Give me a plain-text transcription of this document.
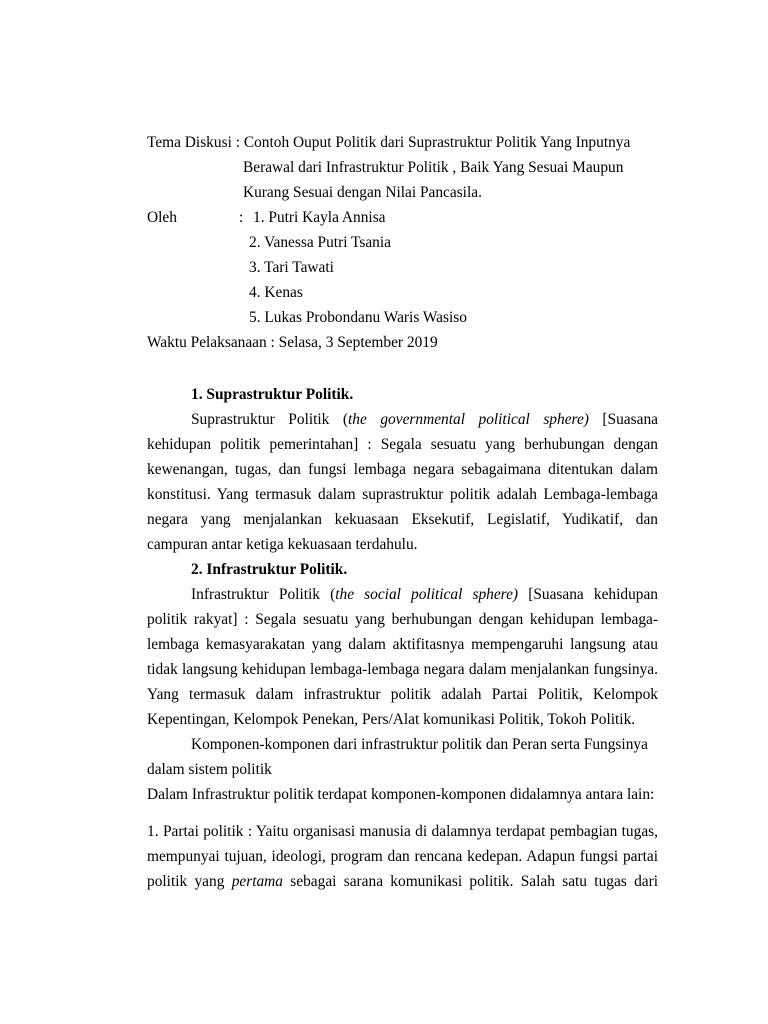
Tema Diskusi : Contoh Ouput Politik dari Suprastruktur Politik Yang Inputnya
Berawal dari Infrastruktur Politik , Baik Yang Sesuai Maupun
Kurang Sesuai dengan Nilai Pancasila.
Oleh	: 1. Putri Kayla Annisa
2. Vanessa Putri Tsania
3. Tari Tawati
4. Kenas
5. Lukas Probondanu Waris Wasiso
Waktu Pelaksanaan : Selasa, 3 September 2019
1. Suprastruktur Politik.
Suprastruktur Politik (the governmental political sphere) [Suasana
kehidupan politik pemerintahan] : Segala sesuatu yang berhubungan dengan
kewenangan, tugas, dan fungsi lembaga negara sebagaimana ditentukan dalam
konstitusi. Yang termasuk dalam suprastruktur politik adalah Lembaga-lembaga
negara yang menjalankan kekuasaan Eksekutif, Legislatif, Yudikatif, dan
campuran antar ketiga kekuasaan terdahulu.
2. Infrastruktur Politik.
Infrastruktur Politik (the social political sphere) [Suasana kehidupan
politik rakyat] : Segala sesuatu yang berhubungan dengan kehidupan lembaga-
lembaga kemasyarakatan yang dalam aktifitasnya mempengaruhi langsung atau
tidak langsung kehidupan lembaga-lembaga negara dalam menjalankan fungsinya.
Yang termasuk dalam infrastruktur politik adalah Partai Politik, Kelompok
Kepentingan, Kelompok Penekan, Pers/Alat komunikasi Politik, Tokoh Politik.
Komponen-komponen dari infrastruktur politik dan Peran serta Fungsinya
dalam sistem politik
Dalam Infrastruktur politik terdapat komponen-komponen didalamnya antara lain:
1. Partai politik : Yaitu organisasi manusia di dalamnya terdapat pembagian tugas,
mempunyai tujuan, ideologi, program dan rencana kedepan. Adapun fungsi partai
politik yang pertama sebagai sarana komunikasi politik. Salah satu tugas dari
